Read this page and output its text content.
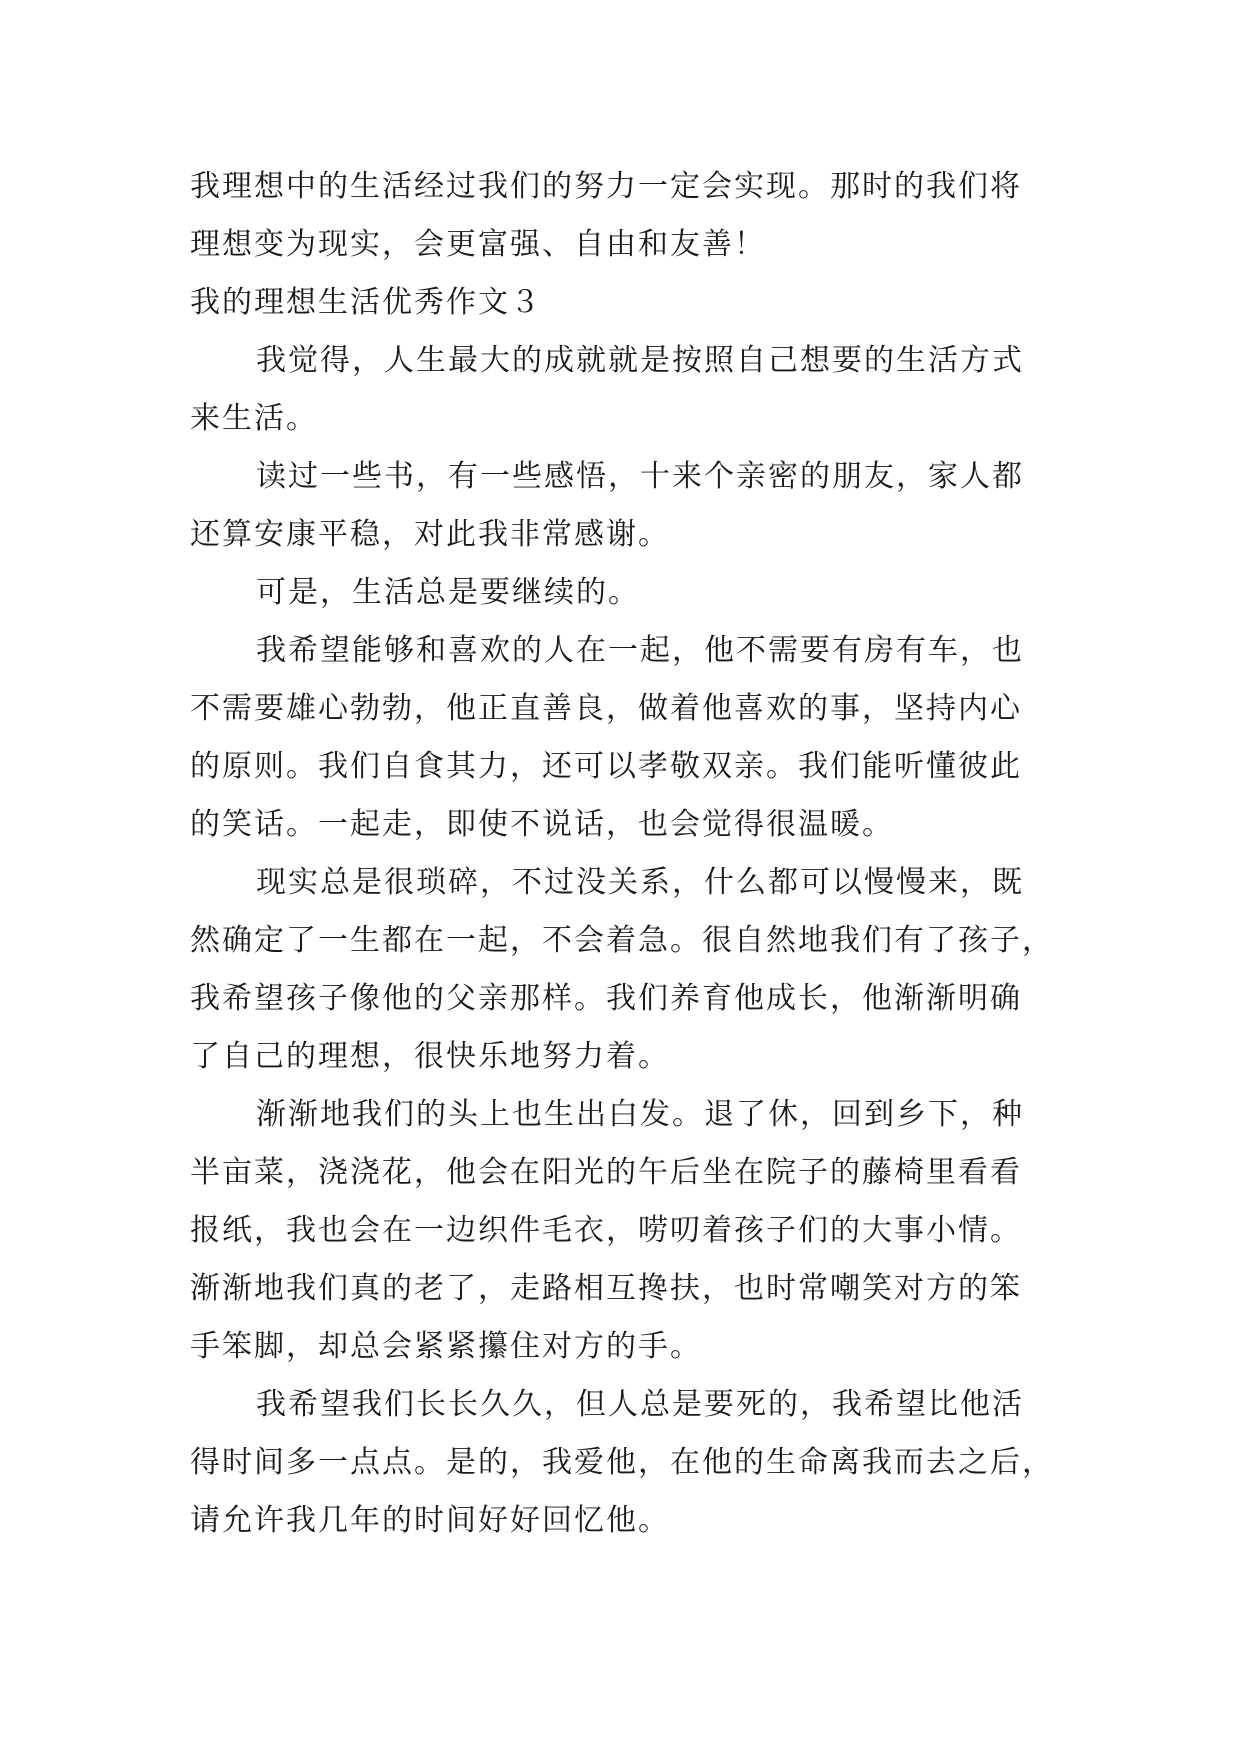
我理想中的生活经过我们的努力一定会实现。那时的我们将
理想变为现实，会更富强、自由和友善！
我的理想生活优秀作文３
我觉得，人生最大的成就就是按照自己想要的生活方式
来生活。
读过一些书，有一些感悟，十来个亲密的朋友，家人都
还算安康平稳，对此我非常感谢。
可是，生活总是要继续的。
我希望能够和喜欢的人在一起，他不需要有房有车，也
不需要雄心勃勃，他正直善良，做着他喜欢的事，坚持内心
的原则。我们自食其力，还可以孝敬双亲。我们能听懂彼此
的笑话。一起走，即使不说话，也会觉得很温暖。
现实总是很琐碎，不过没关系，什么都可以慢慢来，既
然确定了一生都在一起，不会着急。很自然地我们有了孩子，
我希望孩子像他的父亲那样。我们养育他成长，他渐渐明确
了自己的理想，很快乐地努力着。
渐渐地我们的头上也生出白发。退了休，回到乡下，种
半亩菜，浇浇花，他会在阳光的午后坐在院子的藤椅里看看
报纸，我也会在一边织件毛衣，唠叨着孩子们的大事小情。
渐渐地我们真的老了，走路相互搀扶，也时常嘲笑对方的笨
手笨脚，却总会紧紧攥住对方的手。
我希望我们长长久久，但人总是要死的，我希望比他活
得时间多一点点。是的，我爱他，在他的生命离我而去之后，
请允许我几年的时间好好回忆他。
